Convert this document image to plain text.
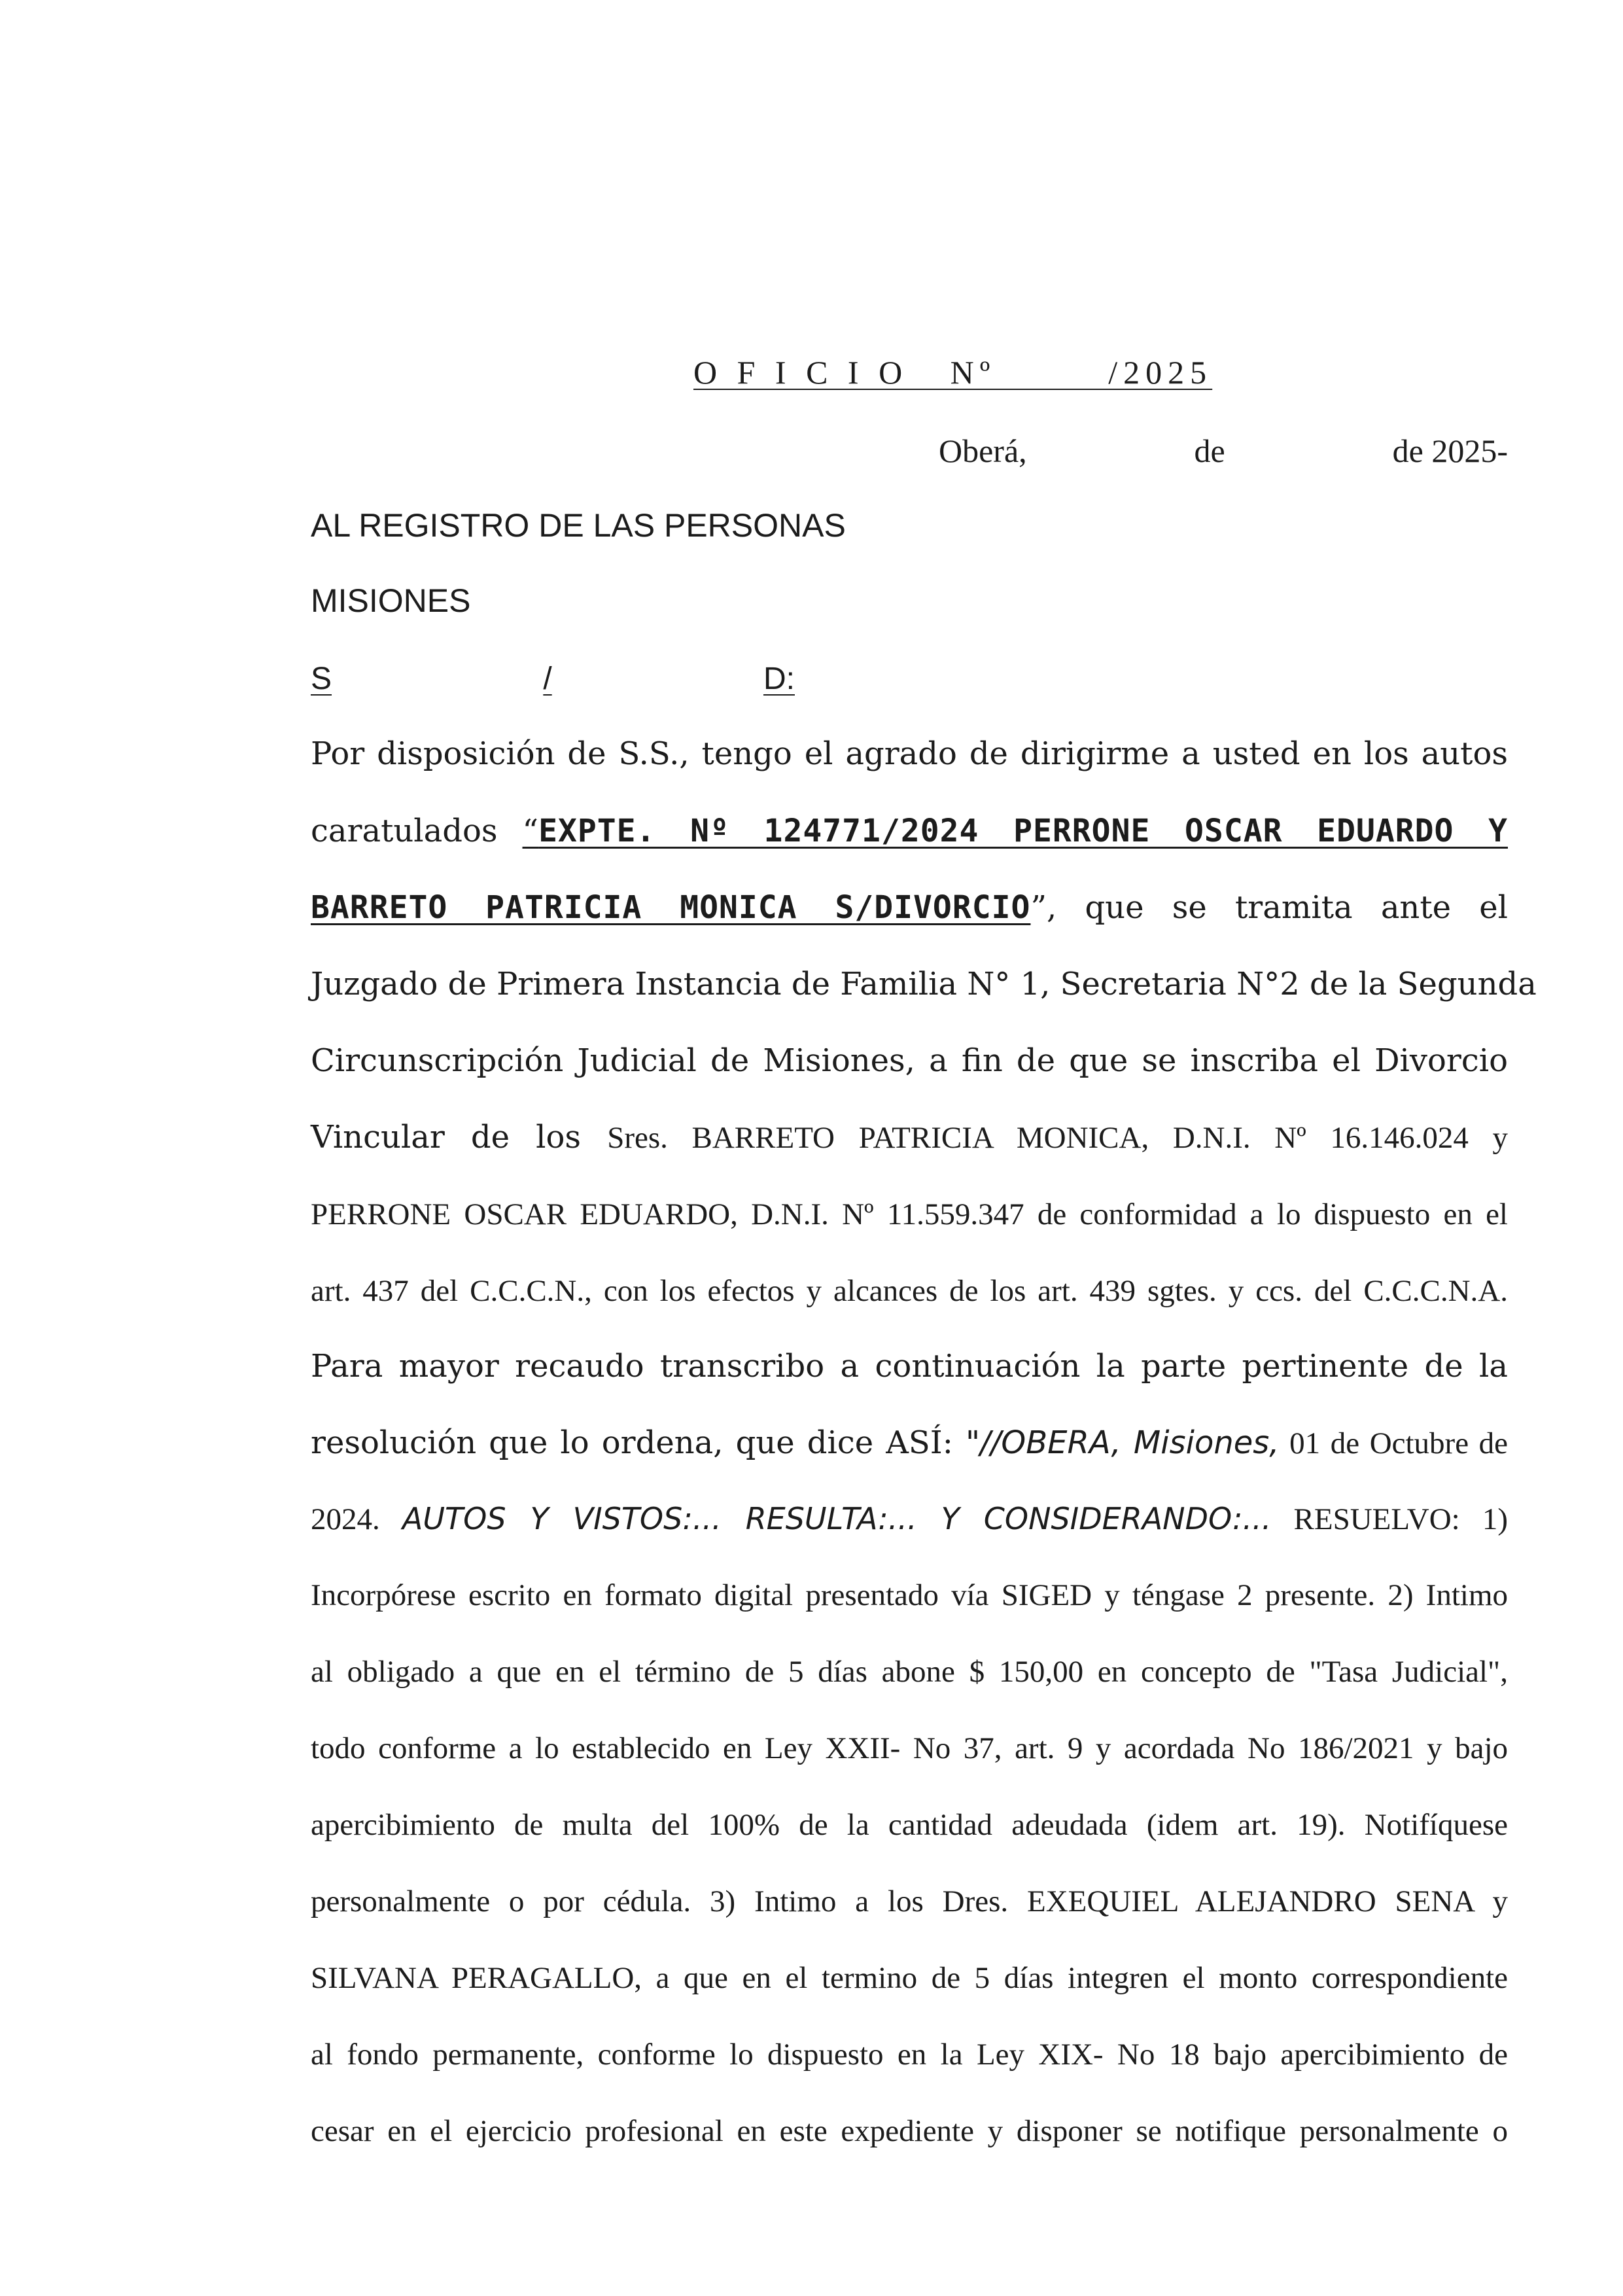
O F I C I O   Nº        /2025
Oberá,	de	de 2025-
AL REGISTRO DE LAS PERSONAS
MISIONES
S	/	D:
Por disposición de S.S., tengo el agrado de dirigirme a usted en los autos
caratulados “EXPTE. Nº 124771/2024 PERRONE OSCAR EDUARDO Y
BARRETO PATRICIA MONICA S/DIVORCIO”, que se tramita ante el
Juzgado de Primera Instancia de Familia N° 1, Secretaria N°2 de la Segunda
Circunscripción Judicial de Misiones, a fin de que se inscriba el Divorcio
Vincular de los Sres. BARRETO PATRICIA MONICA, D.N.I. Nº 16.146.024 y
PERRONE OSCAR EDUARDO, D.N.I. Nº 11.559.347 de conformidad a lo dispuesto en el
art. 437 del C.C.C.N., con los efectos y alcances de los art. 439 sgtes. y ccs. del C.C.C.N.A.
Para mayor recaudo transcribo a continuación la parte pertinente de la
resolución que lo ordena, que dice ASÍ: "//OBERA, Misiones, 01 de Octubre de
2024. AUTOS Y VISTOS:... RESULTA:... Y CONSIDERANDO:... RESUELVO: 1)
Incorpórese escrito en formato digital presentado vía SIGED y téngase 2 presente. 2) Intimo
al obligado a que en el término de 5 días abone $ 150,00 en concepto de "Tasa Judicial",
todo conforme a lo establecido en Ley XXII- No 37, art. 9 y acordada No 186/2021 y bajo
apercibimiento de multa del 100% de la cantidad adeudada (idem art. 19). Notifíquese
personalmente o por cédula. 3) Intimo a los Dres. EXEQUIEL ALEJANDRO SENA y
SILVANA PERAGALLO, a que en el termino de 5 días integren el monto correspondiente
al fondo permanente, conforme lo dispuesto en la Ley XIX- No 18 bajo apercibimiento de
cesar en el ejercicio profesional en este expediente y disponer se notifique personalmente o
